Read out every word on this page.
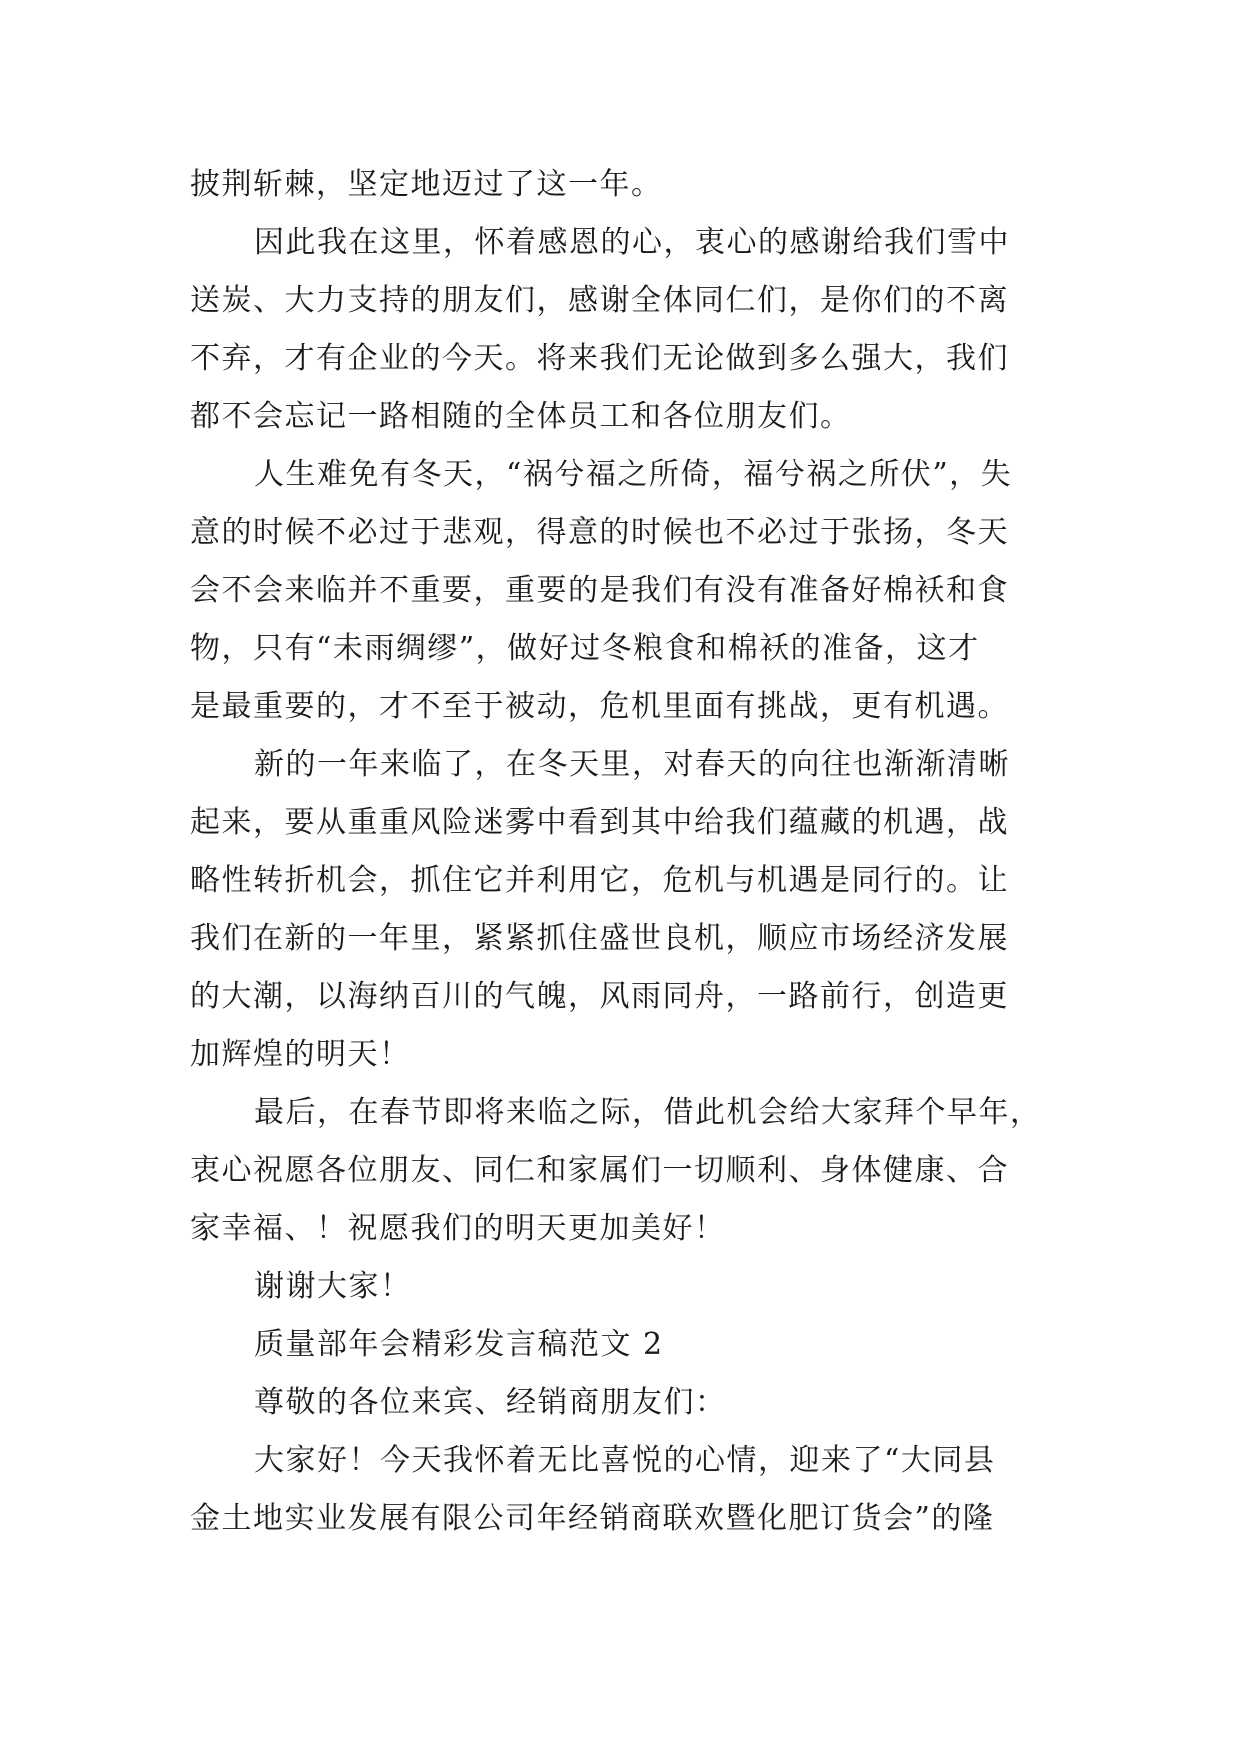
披荆斩棘，坚定地迈过了这一年。
因此我在这里，怀着感恩的心，衷心的感谢给我们雪中
送炭、大力支持的朋友们，感谢全体同仁们，是你们的不离
不弃，才有企业的今天。将来我们无论做到多么强大，我们
都不会忘记一路相随的全体员工和各位朋友们。
人生难免有冬天，“祸兮福之所倚，福兮祸之所伏”，失
意的时候不必过于悲观，得意的时候也不必过于张扬，冬天
会不会来临并不重要，重要的是我们有没有准备好棉袄和食
物，只有“未雨绸缪”，做好过冬粮食和棉袄的准备，这才
是最重要的，才不至于被动，危机里面有挑战，更有机遇。
新的一年来临了，在冬天里，对春天的向往也渐渐清晰
起来，要从重重风险迷雾中看到其中给我们蕴藏的机遇，战
略性转折机会，抓住它并利用它，危机与机遇是同行的。让
我们在新的一年里，紧紧抓住盛世良机，顺应市场经济发展
的大潮，以海纳百川的气魄，风雨同舟，一路前行，创造更
加辉煌的明天！
最后，在春节即将来临之际，借此机会给大家拜个早年，
衷心祝愿各位朋友、同仁和家属们一切顺利、身体健康、合
家幸福、！祝愿我们的明天更加美好！
谢谢大家！
质量部年会精彩发言稿范文 2
尊敬的各位来宾、经销商朋友们：
大家好！今天我怀着无比喜悦的心情，迎来了“大同县
金土地实业发展有限公司年经销商联欢暨化肥订货会”的隆
